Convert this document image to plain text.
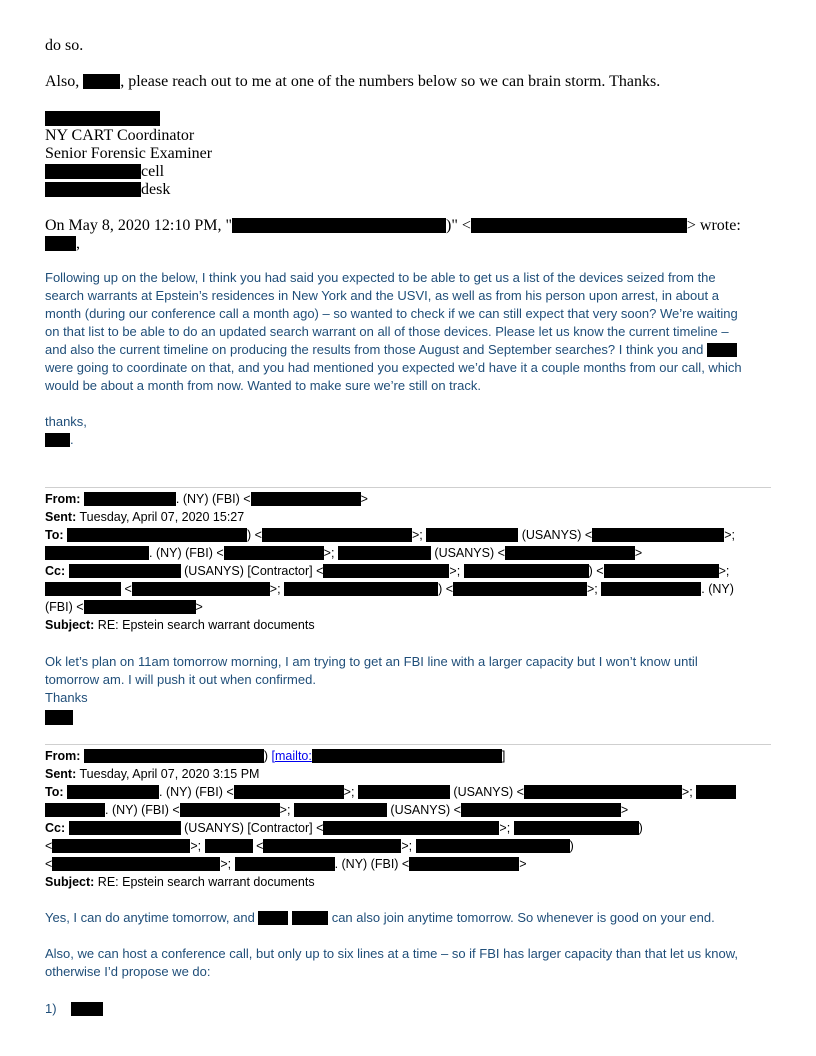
do so.
Also, , please reach out to me at one of the numbers below so we can brain storm. Thanks.
NY CART Coordinator
Senior Forensic Examiner
cell
desk
On May 8, 2020 12:10 PM, "	)" <	> wrote:
,
Following up on the below, I think you had said you expected to be able to get us a list of the devices seized from the
search warrants at Epstein’s residences in New York and the USVI, as well as from his person upon arrest, in about a
month (during our conference call a month ago) – so wanted to check if we can still expect that very soon? We’re waiting
on that list to be able to do an updated search warrant on all of those devices. Please let us know the current timeline –
and also the current timeline on producing the results from those August and September searches? I think you and
were going to coordinate on that, and you had mentioned you expected we’d have it a couple months from our call, which
would be about a month from now. Wanted to make sure we’re still on track.
thanks,
.
From:	. (NY) (FBI) <	>
Sent: Tuesday, April 07, 2020 15:27
To:	) <	>;	(USANYS) <	>;
. (NY) (FBI) <	>;	(USANYS) <	>
Cc:	(USANYS) [Contractor] <	>;	) <	>;
<	>;	) <	>;	. (NY)
(FBI) <	>
Subject: RE: Epstein search warrant documents
Ok let’s plan on 11am tomorrow morning, I am trying to get an FBI line with a larger capacity but I won’t know until
tomorrow am. I will push it out when confirmed.
Thanks
From:	) [mailto:	]
Sent: Tuesday, April 07, 2020 3:15 PM
To:	. (NY) (FBI) <	>;	(USANYS) <	>;
. (NY) (FBI) <	>;	(USANYS) <	>
Cc:	(USANYS) [Contractor] <	>;	)
<	>;	<	>;	)
<	>;	. (NY) (FBI) <	>
Subject: RE: Epstein search warrant documents
Yes, I can do anytime tomorrow, and	can also join anytime tomorrow. So whenever is good on your end.
Also, we can host a conference call, but only up to six lines at a time – so if FBI has larger capacity than that let us know,
otherwise I’d propose we do:
1)
